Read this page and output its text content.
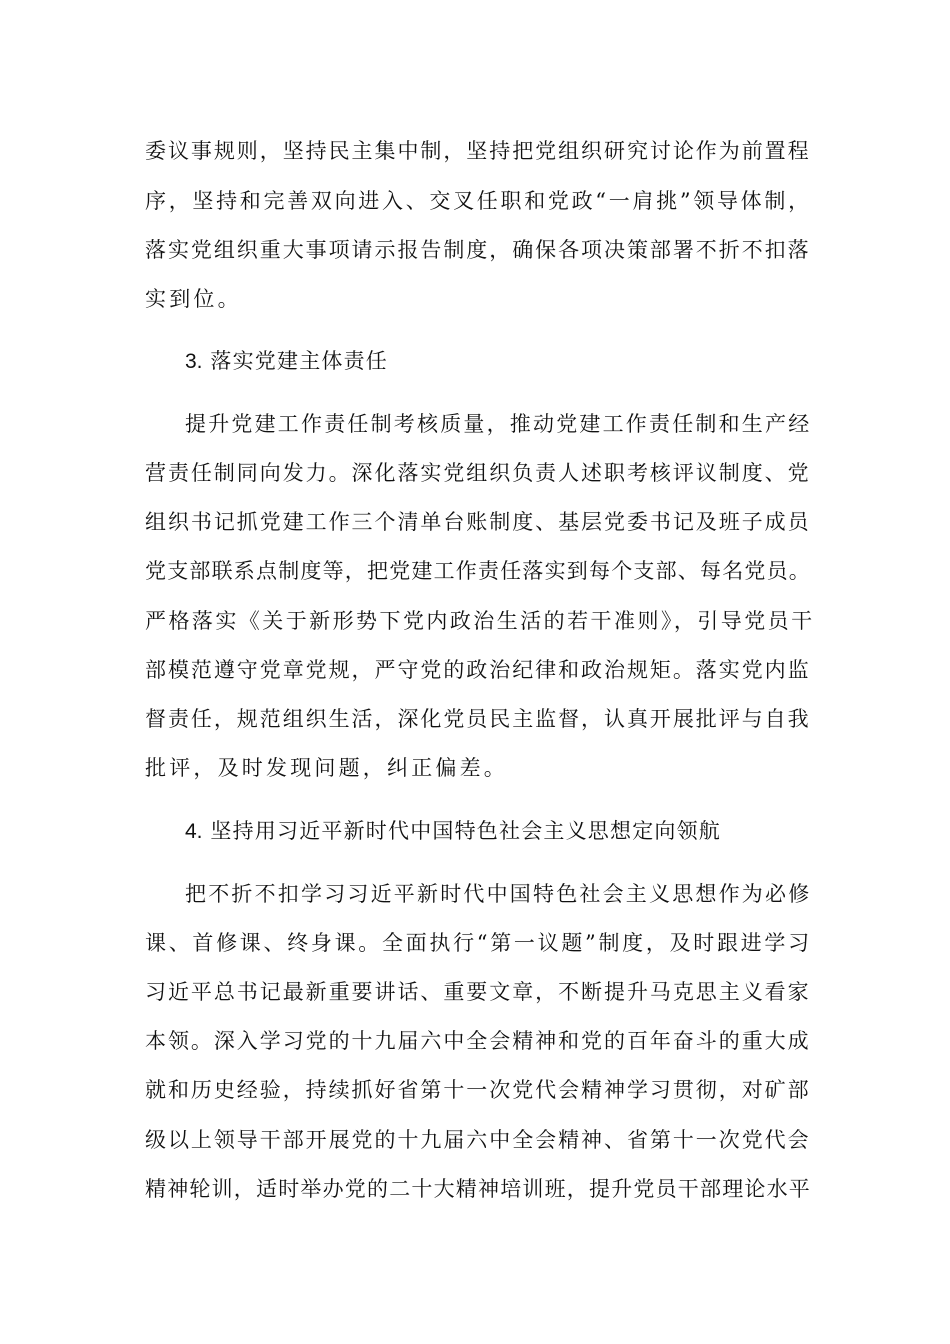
委议事规则，坚持民主集中制，坚持把党组织研究讨论作为前置程
序，坚持和完善双向进入、交叉任职和党政“一肩挑”领导体制，
落实党组织重大事项请示报告制度，确保各项决策部署不折不扣落
实到位。
3. 落实党建主体责任
提升党建工作责任制考核质量，推动党建工作责任制和生产经
营责任制同向发力。深化落实党组织负责人述职考核评议制度、党
组织书记抓党建工作三个清单台账制度、基层党委书记及班子成员
党支部联系点制度等，把党建工作责任落实到每个支部、每名党员。
严格落实《关于新形势下党内政治生活的若干准则》，引导党员干
部模范遵守党章党规，严守党的政治纪律和政治规矩。落实党内监
督责任，规范组织生活，深化党员民主监督，认真开展批评与自我
批评，及时发现问题，纠正偏差。
4. 坚持用习近平新时代中国特色社会主义思想定向领航
把不折不扣学习习近平新时代中国特色社会主义思想作为必修
课、首修课、终身课。全面执行“第一议题”制度，及时跟进学习
习近平总书记最新重要讲话、重要文章，不断提升马克思主义看家
本领。深入学习党的十九届六中全会精神和党的百年奋斗的重大成
就和历史经验，持续抓好省第十一次党代会精神学习贯彻，对矿部
级以上领导干部开展党的十九届六中全会精神、省第十一次党代会
精神轮训，适时举办党的二十大精神培训班，提升党员干部理论水平
